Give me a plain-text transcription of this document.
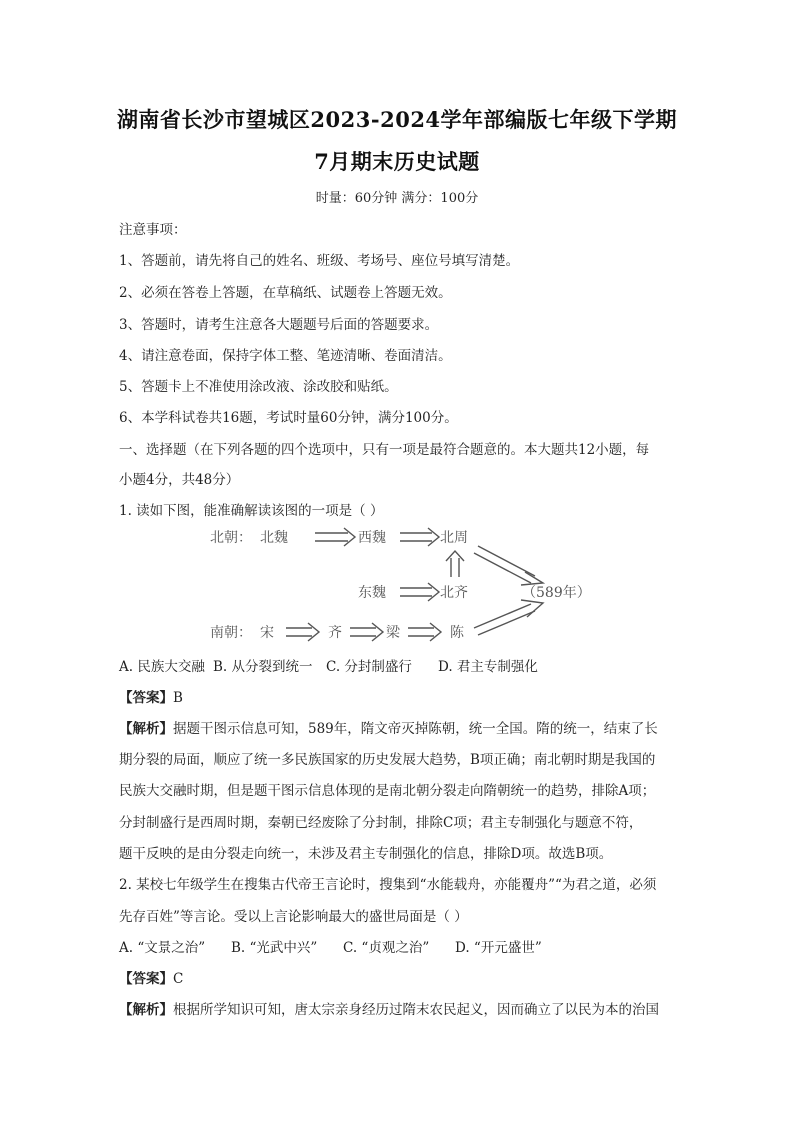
湖南省长沙市望城区2023-2024学年部编版七年级下学期
7月期末历史试题
时量：60分钟 满分：100分
注意事项：
1、答题前，请先将自己的姓名、班级、考场号、座位号填写清楚。
2、必须在答卷上答题，在草稿纸、试题卷上答题无效。
3、答题时，请考生注意各大题题号后面的答题要求。
4、请注意卷面，保持字体工整、笔迹清晰、卷面清洁。
5、答题卡上不准使用涂改液、涂改胶和贴纸。
6、本学科试卷共16题，考试时量60分钟，满分100分。
一、选择题（在下列各题的四个选项中，只有一项是最符合题意的。本大题共12小题，每
小题4分，共48分）
1. 读如下图，能准确解读该图的一项是（ ）
北朝： 北魏	西魏	北周
东魏	北齐	（589年）
南朝： 宋	齐	梁	陈
A. 民族大交融 B. 从分裂到统一 C. 分封制盛行 D. 君主专制强化
【答案】B
【解析】据题干图示信息可知，589年，隋文帝灭掉陈朝，统一全国。隋的统一，结束了长
期分裂的局面，顺应了统一多民族国家的历史发展大趋势，B项正确；南北朝时期是我国的
民族大交融时期，但是题干图示信息体现的是南北朝分裂走向隋朝统一的趋势，排除A项；
分封制盛行是西周时期，秦朝已经废除了分封制，排除C项；君主专制强化与题意不符，
题干反映的是由分裂走向统一，未涉及君主专制强化的信息，排除D项。故选B项。
2. 某校七年级学生在搜集古代帝王言论时，搜集到“水能载舟，亦能覆舟”“为君之道，必须
先存百姓”等言论。受以上言论影响最大的盛世局面是（ ）
A. “文景之治” B. “光武中兴” C. “贞观之治” D. “开元盛世”
【答案】C
【解析】根据所学知识可知，唐太宗亲身经历过隋末农民起义，因而确立了以民为本的治国
